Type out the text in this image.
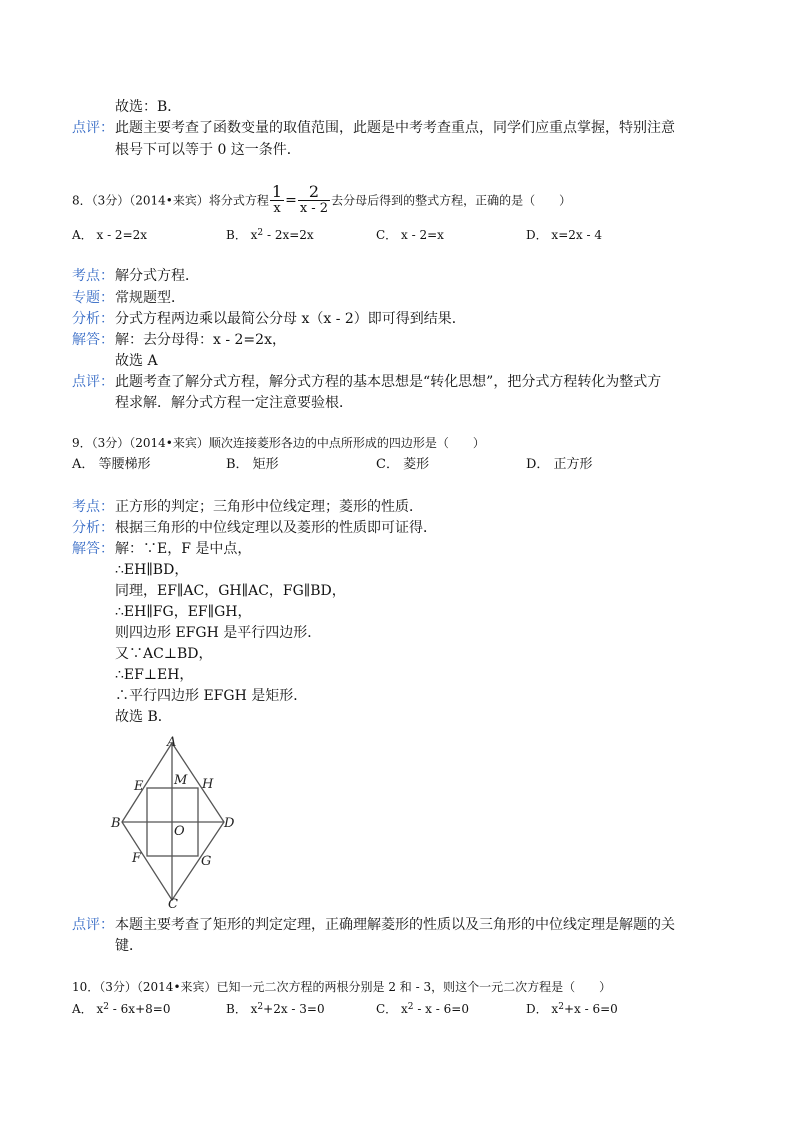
故选：B．
点评： 此题主要考查了函数变量的取值范围，此题是中考考查重点，同学们应重点掌握，特别注意
根号下可以等于 0 这一条件．
8．（3分）（2014•来宾）将分式方程 $\frac{1}{x} = \frac{2}{x - 2}$ 去分母后得到的整式方程，正确的是（　　）
A． x - 2=2x	B． $x^2 - 2x=2x$	C． x - 2=x	D． x=2x - 4
考点： 解分式方程．
专题： 常规题型．
分析： 分式方程两边乘以最简公分母 x（x - 2）即可得到结果．
解答： 解：去分母得：x - 2=2x，
故选 A
点评： 此题考查了解分式方程，解分式方程的基本思想是“转化思想”，把分式方程转化为整式方
程求解．解分式方程一定注意要验根．
9．（3分）（2014•来宾）顺次连接菱形各边的中点所形成的四边形是（　　）
A． 等腰梯形	B． 矩形	C． 菱形	D． 正方形
考点： 正方形的判定；三角形中位线定理；菱形的性质．
分析： 根据三角形的中位线定理以及菱形的性质即可证得．
解答： 解：∵E，F 是中点，
∴EH∥BD，
同理，EF∥AC，GH∥AC，FG∥BD，
∴EH∥FG，EF∥GH，
则四边形 EFGH 是平行四边形．
又∵AC⊥BD，
∴EF⊥EH，
∴平行四边形 EFGH 是矩形．
故选 B．
A
B
C
D
E	H
F	G
M
O
点评： 本题主要考查了矩形的判定定理，正确理解菱形的性质以及三角形的中位线定理是解题的关
键．
10．（3分）（2014•来宾）已知一元二次方程的两根分别是 2 和 - 3，则这个一元二次方程是（　　）
A． $x^2 - 6x+8=0$	B． $x^2+2x - 3=0$	C． $x^2 - x - 6=0$	D． $x^2+x - 6=0$
